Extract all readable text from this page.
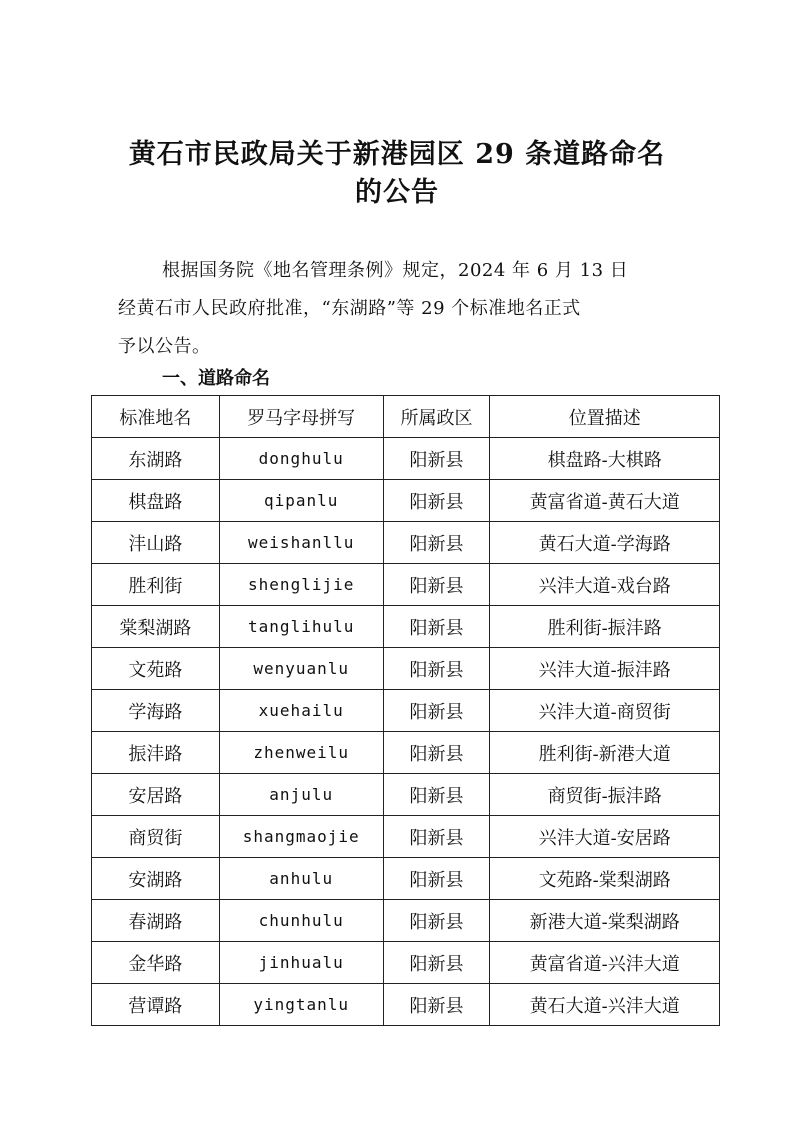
黄石市民政局关于新港园区 29 条道路命名
的公告
根据国务院《地名管理条例》规定，2024 年 6 月 13 日
经黄石市人民政府批准，“东湖路”等 29 个标准地名正式
予以公告。
一、道路命名
标准地名	罗马字母拼写	所属政区	位置描述
东湖路	donghulu	阳新县	棋盘路-大棋路
棋盘路	qipanlu	阳新县	黄富省道-黄石大道
沣山路	weishanllu	阳新县	黄石大道-学海路
胜利街	shenglijie	阳新县	兴沣大道-戏台路
棠梨湖路	tanglihulu	阳新县	胜利街-振沣路
文苑路	wenyuanlu	阳新县	兴沣大道-振沣路
学海路	xuehailu	阳新县	兴沣大道-商贸街
振沣路	zhenweilu	阳新县	胜利街-新港大道
安居路	anjulu	阳新县	商贸街-振沣路
商贸街	shangmaojie	阳新县	兴沣大道-安居路
安湖路	anhulu	阳新县	文苑路-棠梨湖路
春湖路	chunhulu	阳新县	新港大道-棠梨湖路
金华路	jinhualu	阳新县	黄富省道-兴沣大道
营谭路	yingtanlu	阳新县	黄石大道-兴沣大道
